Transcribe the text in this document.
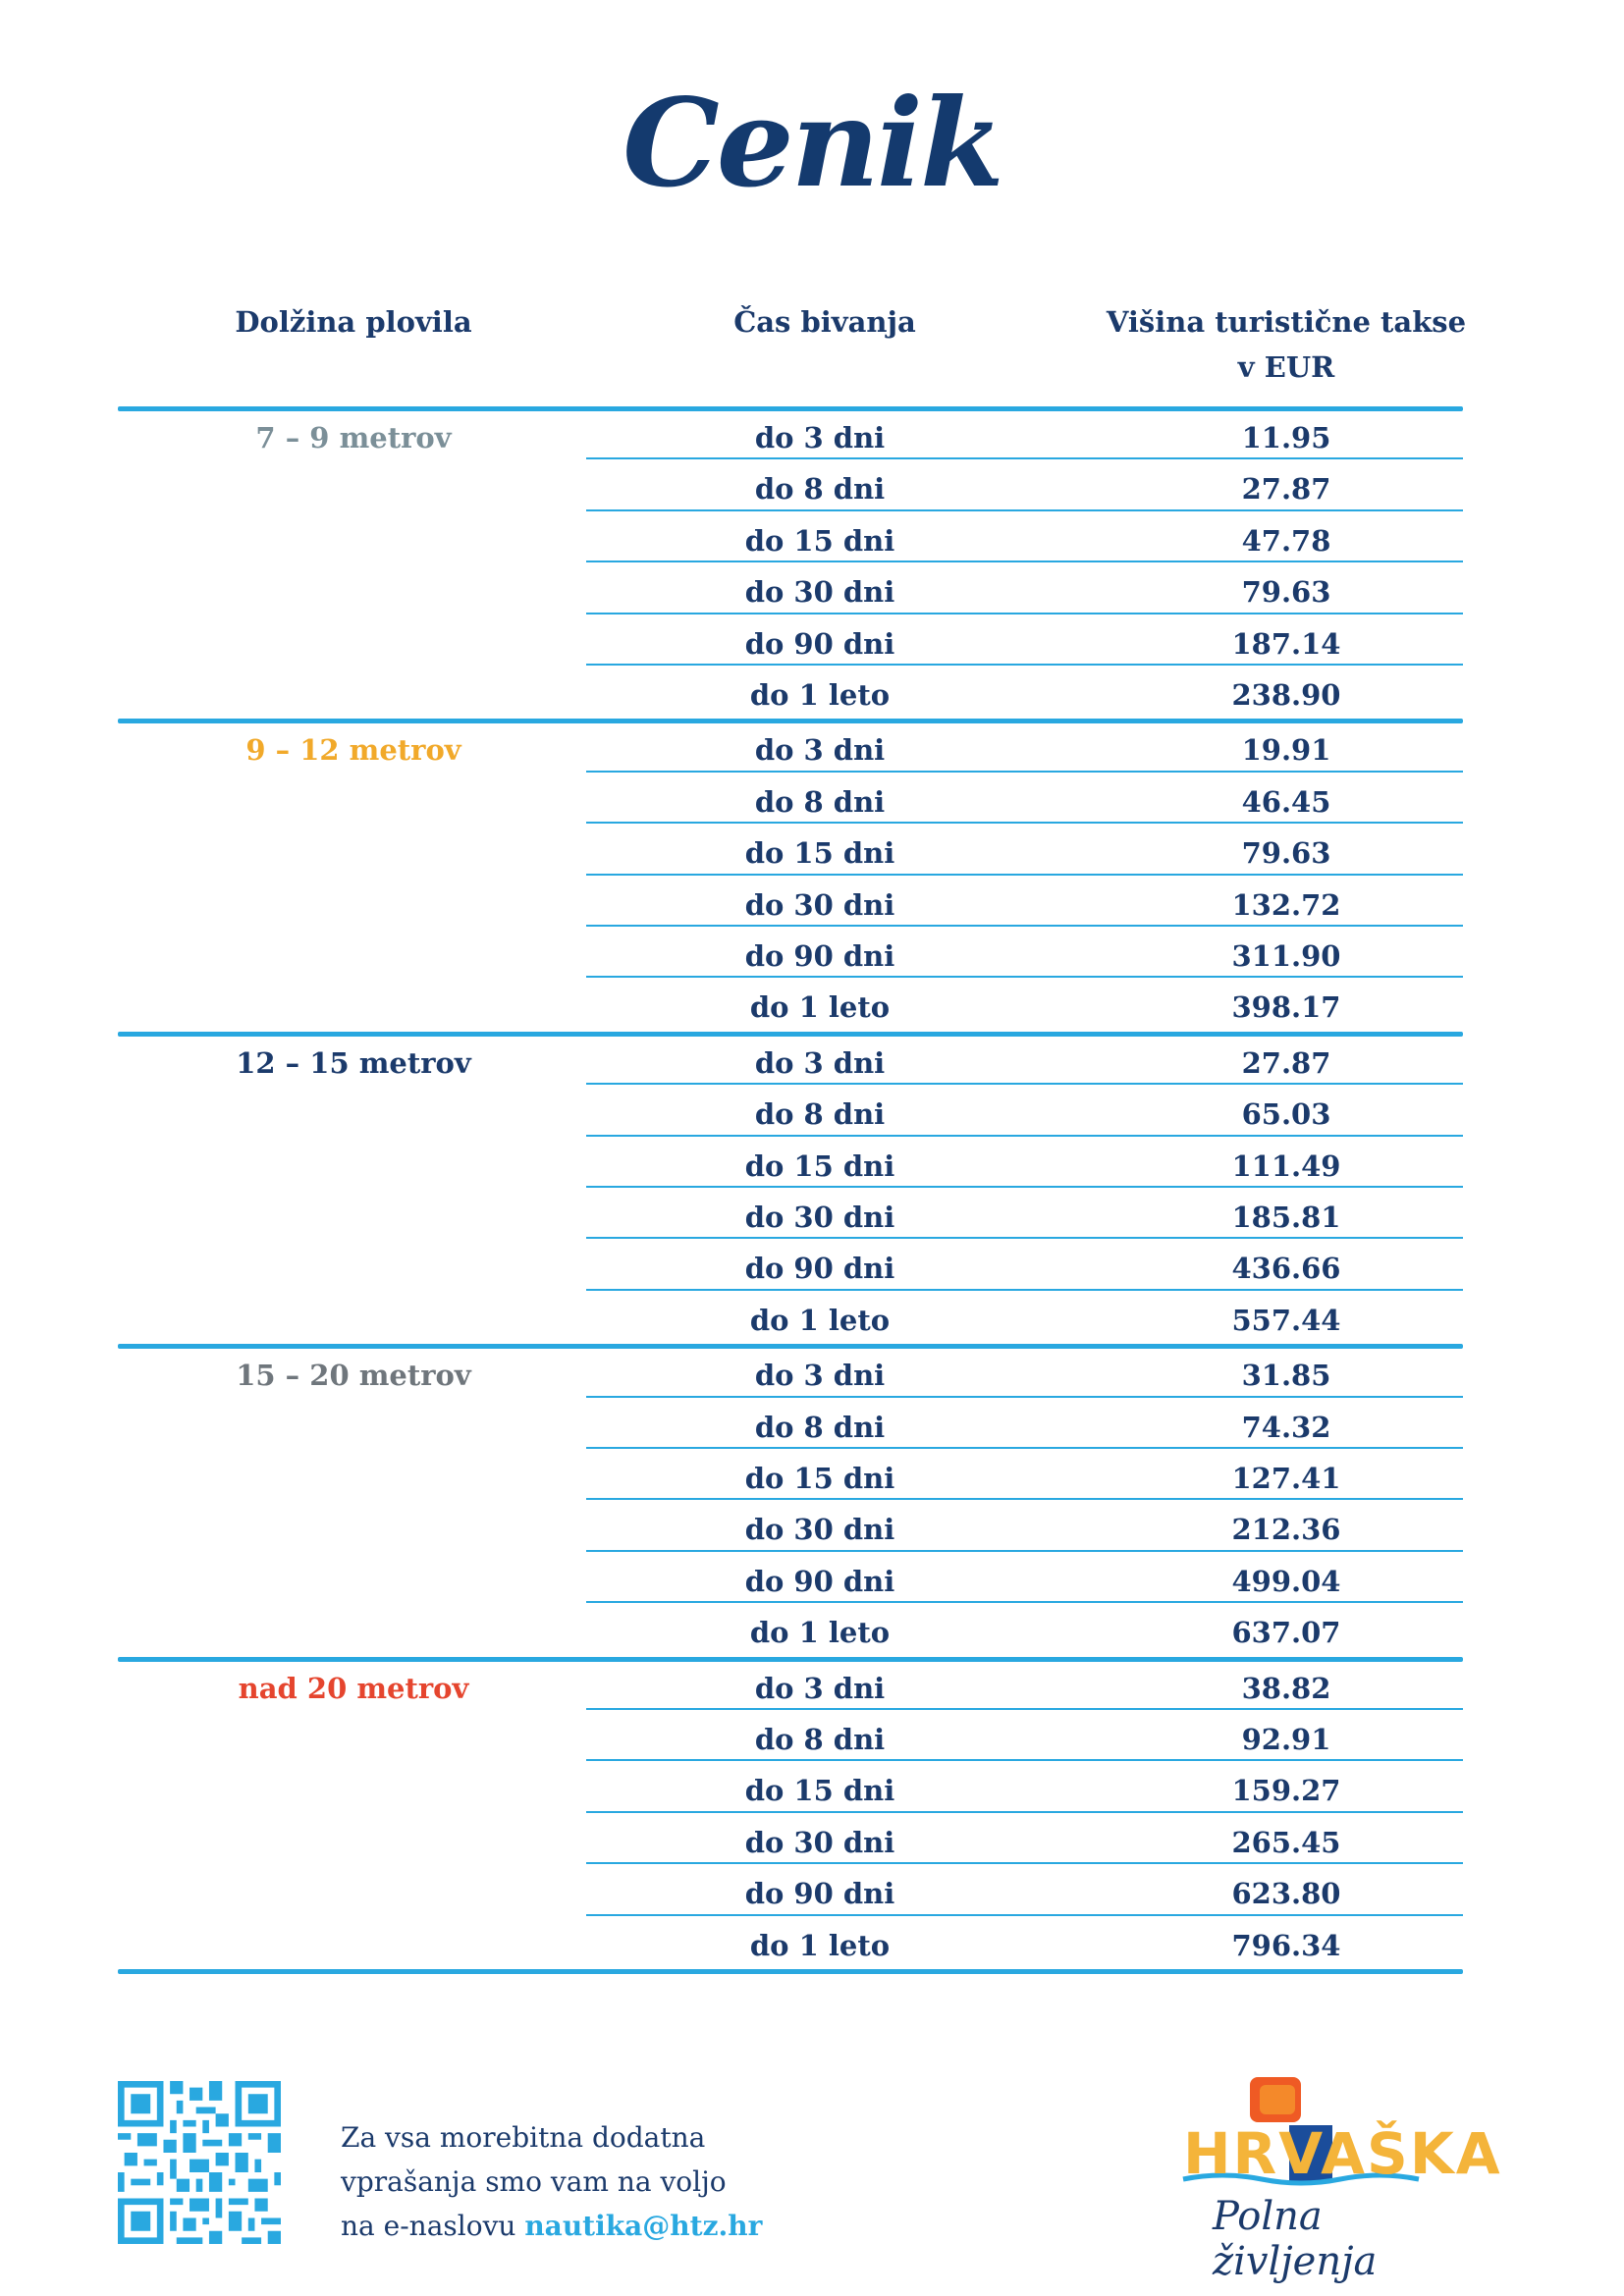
Cenik
Dolžina plovila	Čas bivanja	Višina turistične takse
v EUR
7 – 9 metrov	do 3 dni	11.95
do 8 dni	27.87
do 15 dni	47.78
do 30 dni	79.63
do 90 dni	187.14
do 1 leto	238.90
9 – 12 metrov	do 3 dni	19.91
do 8 dni	46.45
do 15 dni	79.63
do 30 dni	132.72
do 90 dni	311.90
do 1 leto	398.17
12 – 15 metrov	do 3 dni	27.87
do 8 dni	65.03
do 15 dni	111.49
do 30 dni	185.81
do 90 dni	436.66
do 1 leto	557.44
15 – 20 metrov	do 3 dni	31.85
do 8 dni	74.32
do 15 dni	127.41
do 30 dni	212.36
do 90 dni	499.04
do 1 leto	637.07
nad 20 metrov	do 3 dni	38.82
do 8 dni	92.91
do 15 dni	159.27
do 30 dni	265.45
do 90 dni	623.80
do 1 leto	796.34
Za vsa morebitna dodatna
vprašanja smo vam na voljo
na e-naslovu nautika@htz.hr
HRVAŠKA
Polna življenja
